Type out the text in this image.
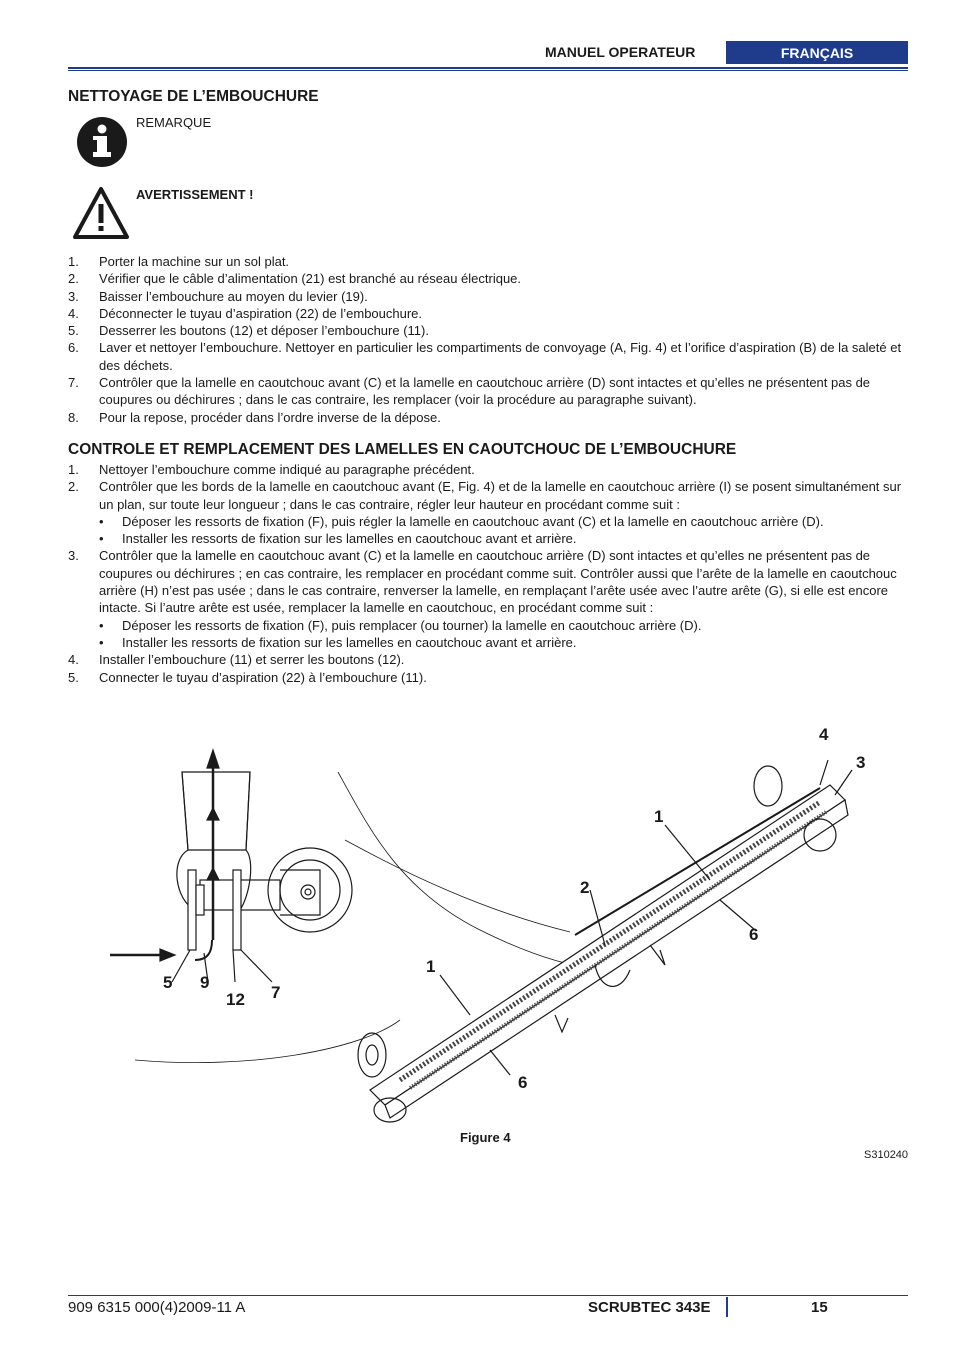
MANUEL OPERATEUR	FRANÇAIS
NETTOYAGE DE L’EMBOUCHURE
REMARQUE
AVERTISSEMENT !
1. Porter la machine sur un sol plat.
2. Vérifier que le câble d’alimentation (21) est branché au réseau électrique.
3. Baisser l’embouchure au moyen du levier (19).
4. Déconnecter le tuyau d’aspiration (22) de l’embouchure.
5. Desserrer les boutons (12) et déposer l’embouchure (11).
6. Laver et nettoyer l’embouchure. Nettoyer en particulier les compartiments de convoyage (A, Fig. 4) et l’orifice d’aspiration (B) de la saleté et des déchets.
7. Contrôler que la lamelle en caoutchouc avant (C) et la lamelle en caoutchouc arrière (D) sont intactes et qu’elles ne présentent pas de coupures ou déchirures ; dans le cas contraire, les remplacer (voir la procédure au paragraphe suivant).
8. Pour la repose, procéder dans l’ordre inverse de la dépose.
CONTROLE ET REMPLACEMENT DES LAMELLES EN CAOUTCHOUC DE L’EMBOUCHURE
1. Nettoyer l’embouchure comme indiqué au paragraphe précédent.
2. Contrôler que les bords de la lamelle en caoutchouc avant (E, Fig. 4) et de la lamelle en caoutchouc arrière (I) se posent simultanément sur un plan, sur toute leur longueur ; dans le cas contraire, régler leur hauteur en procédant comme suit :
• Déposer les ressorts de fixation (F), puis régler la lamelle en caoutchouc avant (C) et la lamelle en caoutchouc arrière (D).
• Installer les ressorts de fixation sur les lamelles en caoutchouc avant et arrière.
3. Contrôler que la lamelle en caoutchouc avant (C) et la lamelle en caoutchouc arrière (D) sont intactes et qu’elles ne présentent pas de coupures ou déchirures ; en cas contraire, les remplacer en procédant comme suit. Contrôler aussi que l’arête de la lamelle en caoutchouc arrière (H) n’est pas usée ; dans le cas contraire, renverser la lamelle, en remplaçant l’arête usée avec l’autre arête (G), si elle est encore intacte. Si l’autre arête est usée, remplacer la lamelle en caoutchouc, en procédant comme suit :
• Déposer les ressorts de fixation (F), puis remplacer (ou tourner) la lamelle en caoutchouc arrière (D).
• Installer les ressorts de fixation sur les lamelles en caoutchouc avant et arrière.
4. Installer l’embouchure (11) et serrer les boutons (12).
5. Connecter le tuyau d’aspiration (22) à l’embouchure (11).
5 9
12 7
4
3
1
2
6
1
6
Figure 4
S310240
909 6315 000(4)2009-11 A	SCRUBTEC 343E	15
